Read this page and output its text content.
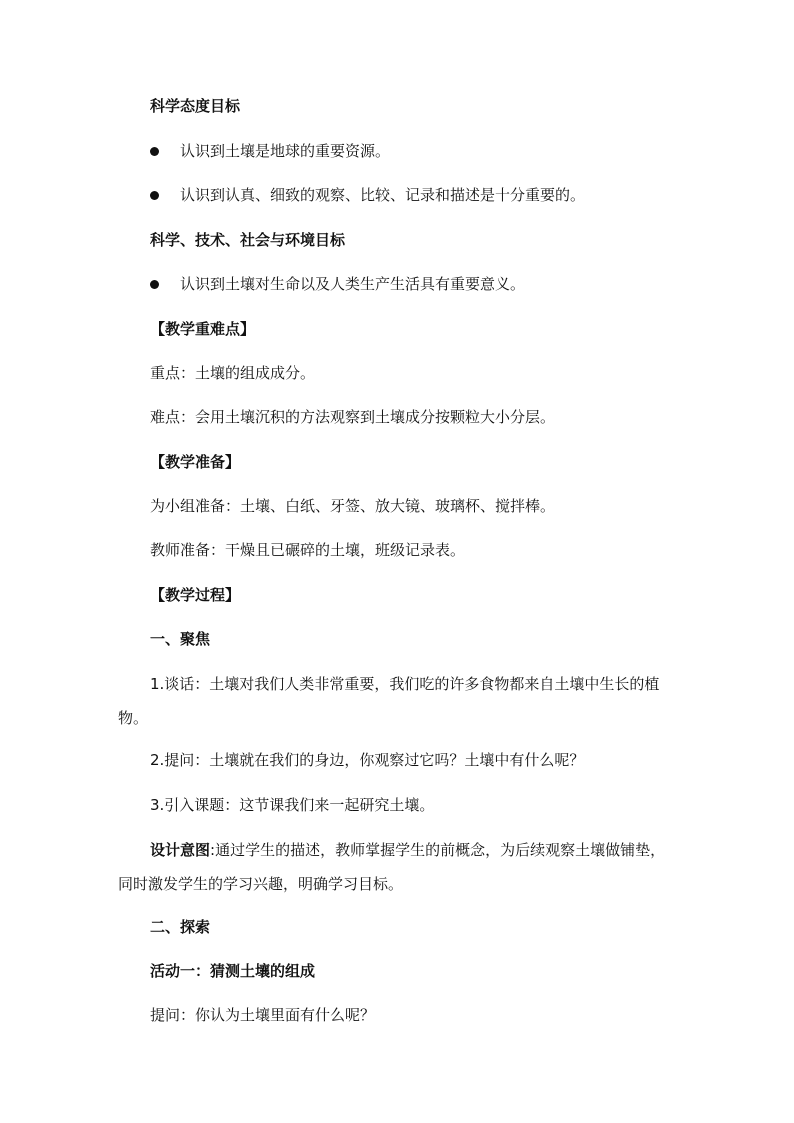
科学态度目标
认识到土壤是地球的重要资源。
认识到认真、细致的观察、比较、记录和描述是十分重要的。
科学、技术、社会与环境目标
认识到土壤对生命以及人类生产生活具有重要意义。
【教学重难点】
重点：土壤的组成成分。
难点：会用土壤沉积的方法观察到土壤成分按颗粒大小分层。
【教学准备】
为小组准备：土壤、白纸、牙签、放大镜、玻璃杯、搅拌棒。
教师准备：干燥且已碾碎的土壤，班级记录表。
【教学过程】
一、聚焦
1.谈话：土壤对我们人类非常重要，我们吃的许多食物都来自土壤中生长的植物。
2.提问：土壤就在我们的身边，你观察过它吗？土壤中有什么呢？
3.引入课题：这节课我们来一起研究土壤。
设计意图:通过学生的描述，教师掌握学生的前概念，为后续观察土壤做铺垫，同时激发学生的学习兴趣，明确学习目标。
二、探索
活动一：猜测土壤的组成
提问：你认为土壤里面有什么呢？
